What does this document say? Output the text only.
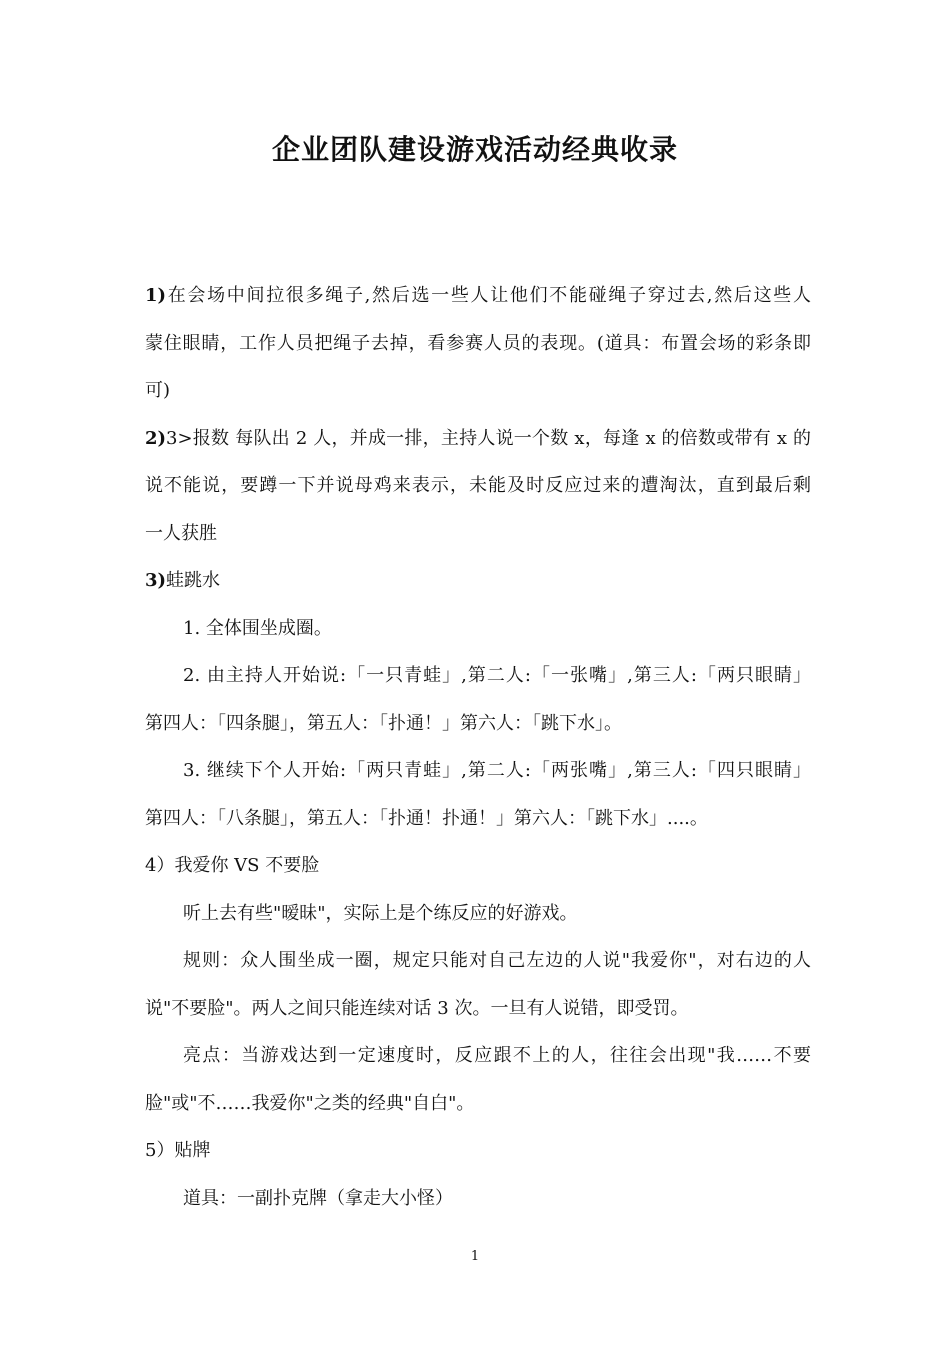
企业团队建设游戏活动经典收录

1)在会场中间拉很多绳子,然后选一些人让他们不能碰绳子穿过去,然后这些人

蒙住眼睛，工作人员把绳子去掉，看参赛人员的表现。(道具：布置会场的彩条即

可)

2)3>报数 每队出 2 人，并成一排，主持人说一个数 x，每逢 x 的倍数或带有 x 的

说不能说，要蹲一下并说母鸡来表示，未能及时反应过来的遭淘汰，直到最后剩

一人获胜

3)蛙跳水

1. 全体围坐成圈。

2. 由主持人开始说:「一只青蛙」,第二人:「一张嘴」,第三人:「两只眼睛」

第四人：「四条腿」，第五人：「扑通！」第六人：「跳下水」。

3. 继续下个人开始:「两只青蛙」,第二人:「两张嘴」,第三人:「四只眼睛」

第四人：「八条腿」，第五人：「扑通！扑通！」第六人：「跳下水」....。

4）我爱你 VS 不要脸

听上去有些"暧昧"，实际上是个练反应的好游戏。

规则：众人围坐成一圈，规定只能对自己左边的人说"我爱你"，对右边的人

说"不要脸"。两人之间只能连续对话 3 次。一旦有人说错，即受罚。

亮点：当游戏达到一定速度时，反应跟不上的人，往往会出现"我……不要

脸"或"不……我爱你"之类的经典"自白"。

5）贴牌

道具：一副扑克牌（拿走大小怪）

1
